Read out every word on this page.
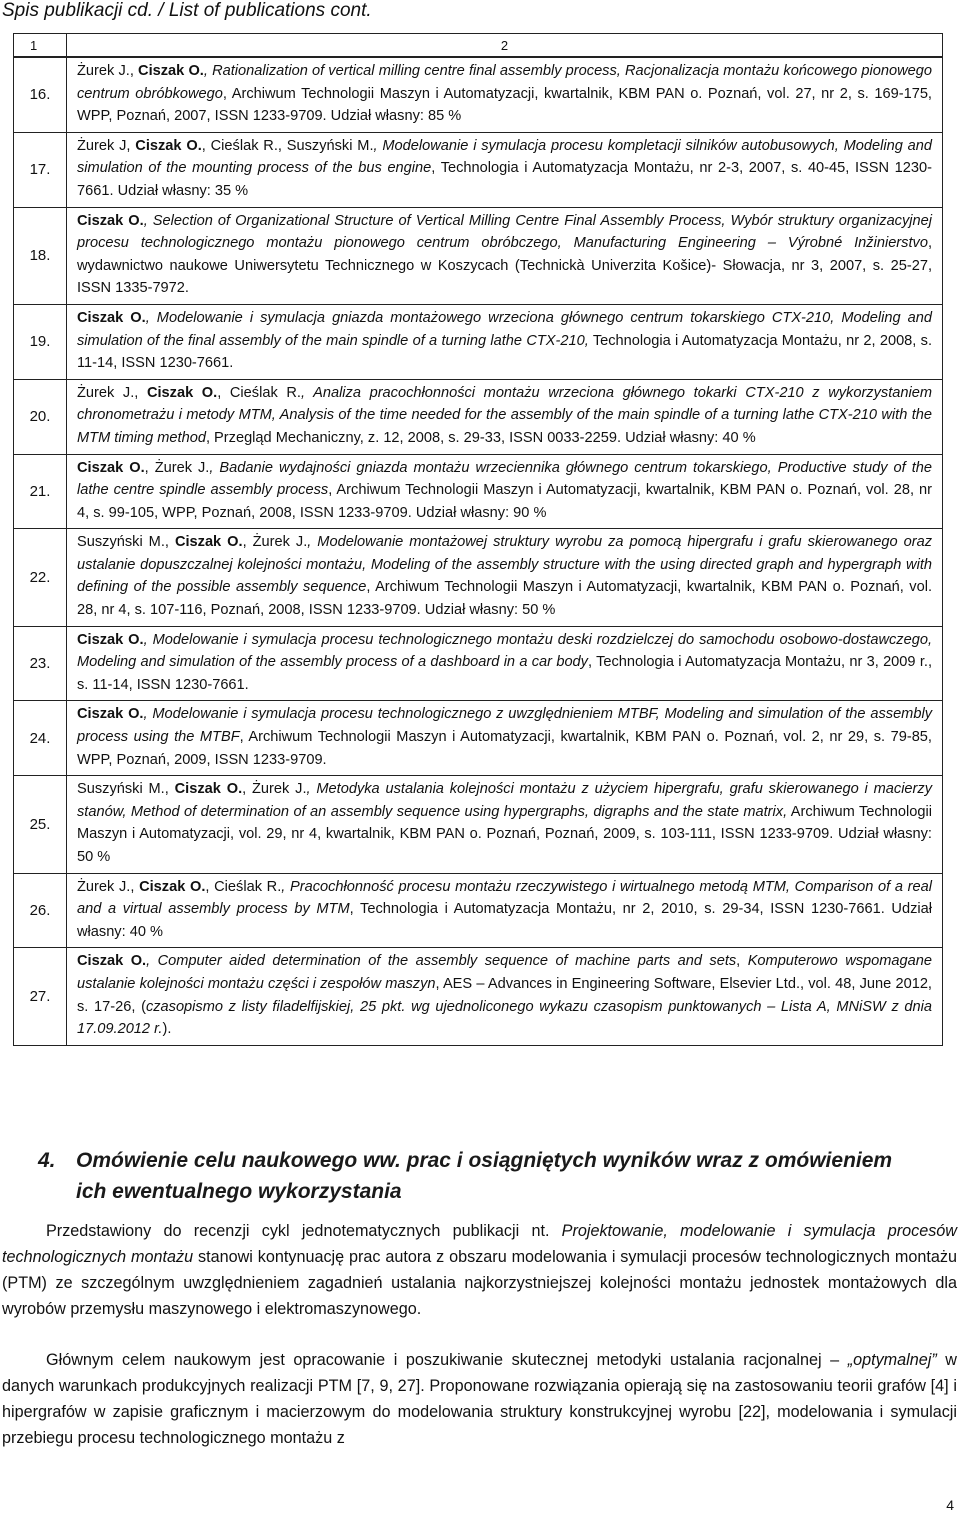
Spis publikacji cd. / List of publications cont.
1	2
16.	Żurek J., Ciszak O., Rationalization of vertical milling centre final assembly process, Racjonalizacja montażu końcowego pionowego centrum obróbkowego, Archiwum Technologii Maszyn i Automatyzacji, kwartalnik, KBM PAN o. Poznań, vol. 27, nr 2, s. 169-175, WPP, Poznań, 2007, ISSN 1233-9709. Udział własny: 85 %
17.	Żurek J, Ciszak O., Cieślak R., Suszyński M., Modelowanie i symulacja procesu kompletacji silników autobusowych, Modeling and simulation of the mounting process of the bus engine, Technologia i Automatyzacja Montażu, nr 2-3, 2007, s. 40-45, ISSN 1230-7661. Udział własny: 35 %
18.	Ciszak O., Selection of Organizational Structure of Vertical Milling Centre Final Assembly Process, Wybór struktury organizacyjnej procesu technologicznego montażu pionowego centrum obróbczego, Manufacturing Engineering – Výrobné Inžinierstvo, wydawnictwo naukowe Uniwersytetu Technicznego w Koszycach (Technickà Univerzita Košice)- Słowacja, nr 3, 2007, s. 25-27, ISSN 1335-7972.
19.	Ciszak O., Modelowanie i symulacja gniazda montażowego wrzeciona głównego centrum tokarskiego CTX-210, Modeling and simulation of the final assembly of the main spindle of a turning lathe CTX-210, Technologia i Automatyzacja Montażu, nr 2, 2008, s. 11-14, ISSN 1230-7661.
20.	Żurek J., Ciszak O., Cieślak R., Analiza pracochłonności montażu wrzeciona głównego tokarki CTX-210 z wykorzystaniem chronometrażu i metody MTM, Analysis of the time needed for the assembly of the main spindle of a turning lathe CTX-210 with the MTM timing method, Przegląd Mechaniczny, z. 12, 2008, s. 29-33, ISSN 0033-2259. Udział własny: 40 %
21.	Ciszak O., Żurek J., Badanie wydajności gniazda montażu wrzeciennika głównego centrum tokarskiego, Productive study of the lathe centre spindle assembly process, Archiwum Technologii Maszyn i Automatyzacji, kwartalnik, KBM PAN o. Poznań, vol. 28, nr 4, s. 99-105, WPP, Poznań, 2008, ISSN 1233-9709. Udział własny: 90 %
22.	Suszyński M., Ciszak O., Żurek J., Modelowanie montażowej struktury wyrobu za pomocą hipergrafu i grafu skierowanego oraz ustalanie dopuszczalnej kolejności montażu, Modeling of the assembly structure with the using directed graph and hypergraph with defining of the possible assembly sequence, Archiwum Technologii Maszyn i Automatyzacji, kwartalnik, KBM PAN o. Poznań, vol. 28, nr 4, s. 107-116, Poznań, 2008, ISSN 1233-9709. Udział własny: 50 %
23.	Ciszak O., Modelowanie i symulacja procesu technologicznego montażu deski rozdzielczej do samochodu osobowo-dostawczego, Modeling and simulation of the assembly process of a dashboard in a car body, Technologia i Automatyzacja Montażu, nr 3, 2009 r., s. 11-14, ISSN 1230-7661.
24.	Ciszak O., Modelowanie i symulacja procesu technologicznego z uwzględnieniem MTBF, Modeling and simulation of the assembly process using the MTBF, Archiwum Technologii Maszyn i Automatyzacji, kwartalnik, KBM PAN o. Poznań, vol. 2, nr 29, s. 79-85, WPP, Poznań, 2009, ISSN 1233-9709.
25.	Suszyński M., Ciszak O., Żurek J., Metodyka ustalania kolejności montażu z użyciem hipergrafu, grafu skierowanego i macierzy stanów, Method of determination of an assembly sequence using hypergraphs, digraphs and the state matrix, Archiwum Technologii Maszyn i Automatyzacji, vol. 29, nr 4, kwartalnik, KBM PAN o. Poznań, Poznań, 2009, s. 103-111, ISSN 1233-9709. Udział własny: 50 %
26.	Żurek J., Ciszak O., Cieślak R., Pracochłonność procesu montażu rzeczywistego i wirtualnego metodą MTM, Comparison of a real and a virtual assembly process by MTM, Technologia i Automatyzacja Montażu, nr 2, 2010, s. 29-34, ISSN 1230-7661. Udział własny: 40 %
27.	Ciszak O., Computer aided determination of the assembly sequence of machine parts and sets, Komputerowo wspomagane ustalanie kolejności montażu części i zespołów maszyn, AES – Advances in Engineering Software, Elsevier Ltd., vol. 48, June 2012, s. 17-26, (czasopismo z listy filadelfijskiej, 25 pkt. wg ujednoliconego wykazu czasopism punktowanych – Lista A, MNiSW z dnia 17.09.2012 r.).
4. Omówienie celu naukowego ww. prac i osiągniętych wyników wraz z omówieniem
ich ewentualnego wykorzystania
Przedstawiony do recenzji cykl jednotematycznych publikacji nt. Projektowanie, modelowanie i symulacja procesów technologicznych montażu stanowi kontynuację prac autora z obszaru modelowania i symulacji procesów technologicznych montażu (PTM) ze szczególnym uwzględnieniem zagadnień ustalania najkorzystniejszej kolejności montażu jednostek montażowych dla wyrobów przemysłu maszynowego i elektromaszynowego.
Głównym celem naukowym jest opracowanie i poszukiwanie skutecznej metodyki ustalania racjonalnej – „optymalnej” w danych warunkach produkcyjnych realizacji PTM [7, 9, 27]. Proponowane rozwiązania opierają się na zastosowaniu teorii grafów [4] i hipergrafów w zapisie graficznym i macierzowym do modelowania struktury konstrukcyjnej wyrobu [22], modelowania i symulacji przebiegu procesu technologicznego montażu z
4
